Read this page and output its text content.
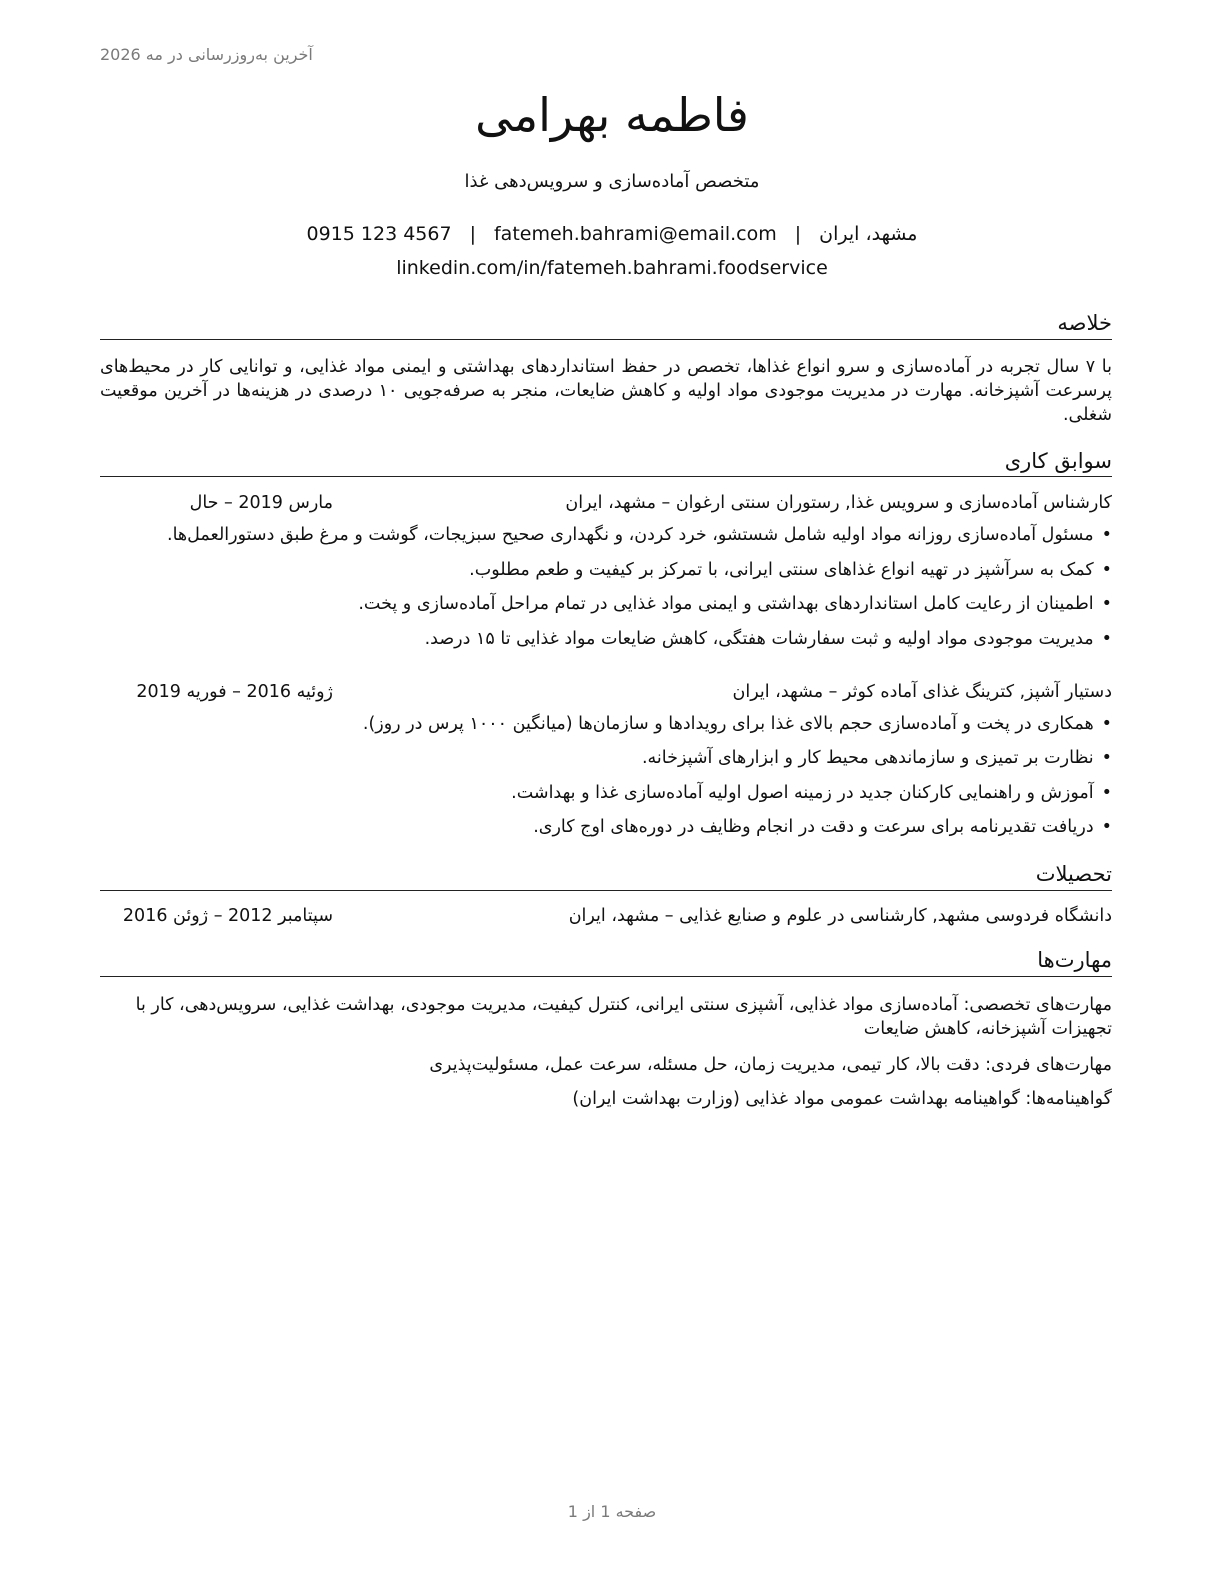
آخرین به‌روزرسانی در مه 2026
فاطمه بهرامی
متخصص آماده‌سازی و سرویس‌دهی غذا
مشهد، ایران|fatemeh.bahrami@email.com|0915 123 4567
linkedin.com/in/fatemeh.bahrami.foodservice
خلاصه
با ۷ سال تجربه در آماده‌سازی و سرو انواع غذاها، تخصص در حفظ استانداردهای بهداشتی و ایمنی مواد غذایی، و توانایی کار در محیط‌های پرسرعت آشپزخانه. مهارت در مدیریت موجودی مواد اولیه و کاهش ضایعات، منجر به صرفه‌جویی ۱۰ درصدی در هزینه‌ها در آخرین موقعیت شغلی.
سوابق کاری
کارشناس آماده‌سازی و سرویس غذا, رستوران سنتی ارغوان – مشهد، ایران
مارس 2019 – حال
• مسئول آماده‌سازی روزانه مواد اولیه شامل شستشو، خرد کردن، و نگهداری صحیح سبزیجات، گوشت و مرغ طبق دستورالعمل‌ها.
• کمک به سرآشپز در تهیه انواع غذاهای سنتی ایرانی، با تمرکز بر کیفیت و طعم مطلوب.
• اطمینان از رعایت کامل استانداردهای بهداشتی و ایمنی مواد غذایی در تمام مراحل آماده‌سازی و پخت.
• مدیریت موجودی مواد اولیه و ثبت سفارشات هفتگی، کاهش ضایعات مواد غذایی تا ۱۵ درصد.
دستیار آشپز, کترینگ غذای آماده کوثر – مشهد، ایران
ژوئیه 2016 – فوریه 2019
• همکاری در پخت و آماده‌سازی حجم بالای غذا برای رویدادها و سازمان‌ها (میانگین ۱۰۰۰ پرس در روز).
• نظارت بر تمیزی و سازماندهی محیط کار و ابزارهای آشپزخانه.
• آموزش و راهنمایی کارکنان جدید در زمینه اصول اولیه آماده‌سازی غذا و بهداشت.
• دریافت تقدیرنامه برای سرعت و دقت در انجام وظایف در دوره‌های اوج کاری.
تحصیلات
دانشگاه فردوسی مشهد, کارشناسی در علوم و صنایع غذایی – مشهد، ایران
سپتامبر 2012 – ژوئن 2016
مهارت‌ها
مهارت‌های تخصصی: آماده‌سازی مواد غذایی، آشپزی سنتی ایرانی، کنترل کیفیت، مدیریت موجودی، بهداشت غذایی، سرویس‌دهی، کار با تجهیزات آشپزخانه، کاهش ضایعات
مهارت‌های فردی: دقت بالا، کار تیمی، مدیریت زمان، حل مسئله، سرعت عمل، مسئولیت‌پذیری
گواهینامه‌ها: گواهینامه بهداشت عمومی مواد غذایی (وزارت بهداشت ایران)
صفحه 1 از 1
